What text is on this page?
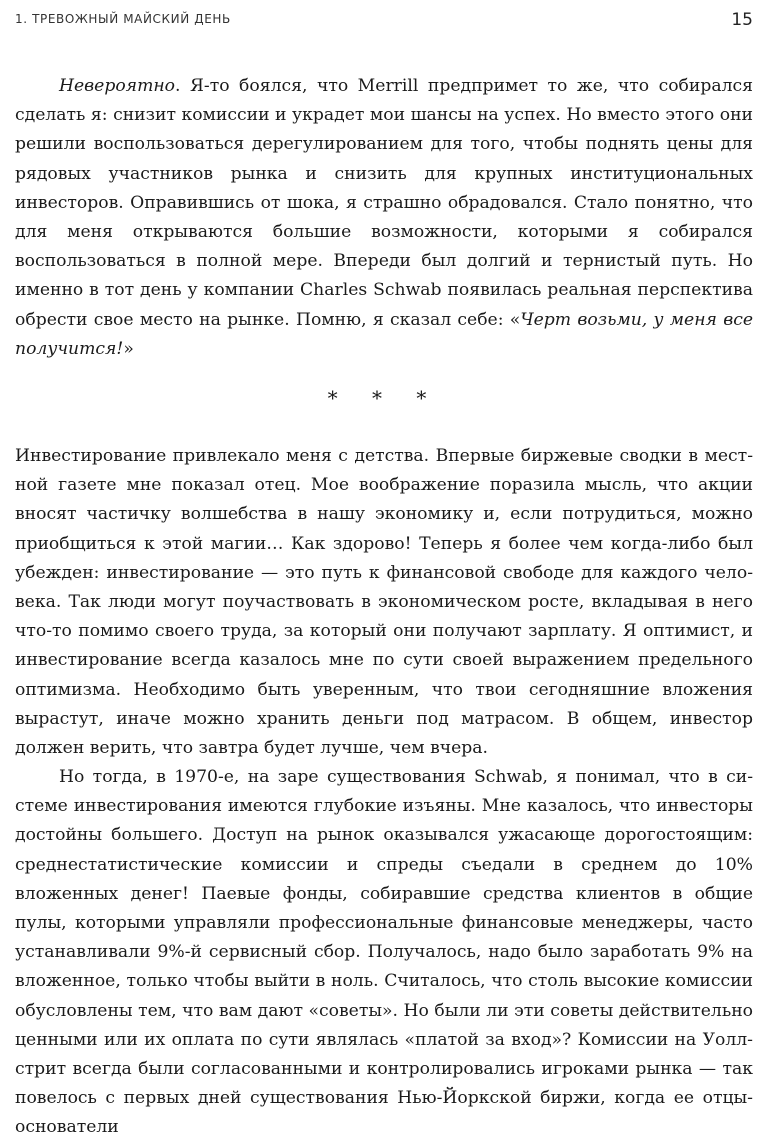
1. ТРЕВОЖНЫЙ МАЙСКИЙ ДЕНЬ	15

Невероятно. Я-то боялся, что Merrill предпримет то же, что собирался сделать я: снизит комиссии и украдет мои шансы на успех. Но вместо этого они решили воспользоваться дерегулированием для того, чтобы поднять цены для рядовых участников рынка и снизить для крупных институциональных инвесторов. Оправившись от шока, я страшно обрадовался. Стало понятно, что для меня открываются большие возможности, которыми я собирался воспользоваться в полной мере. Впереди был долгий и тернистый путь. Но именно в тот день у компании Charles Schwab появилась реальная перспектива обрести свое место на рынке. Помню, я сказал себе: «Черт возьми, у меня все получится!»

* * *

Инвестирование привлекало меня с детства. Впервые биржевые сводки в местной газете мне показал отец. Мое воображение поразила мысль, что акции вносят частичку волшебства в нашу экономику и, если потрудиться, можно приобщиться к этой магии… Как здорово! Теперь я более чем когда-либо был убежден: инвестирование — это путь к финансовой свободе для каждого человека. Так люди могут поучаствовать в экономическом росте, вкладывая в него что-то помимо своего труда, за который они получают зарплату. Я оптимист, и инвестирование всегда казалось мне по сути своей выражением предельного оптимизма. Необходимо быть уверенным, что твои сегодняшние вложения вырастут, иначе можно хранить деньги под матрасом. В общем, инвестор должен верить, что завтра будет лучше, чем вчера.

Но тогда, в 1970-е, на заре существования Schwab, я понимал, что в системе инвестирования имеются глубокие изъяны. Мне казалось, что инвесторы достойны большего. Доступ на рынок оказывался ужасающе дорогостоящим: среднестатистические комиссии и спреды съедали в среднем до 10% вложенных денег! Паевые фонды, собиравшие средства клиентов в общие пулы, которыми управляли профессиональные финансовые менеджеры, часто устанавливали 9%-й сервисный сбор. Получалось, надо было заработать 9% на вложенное, только чтобы выйти в ноль. Считалось, что столь высокие комиссии обусловлены тем, что вам дают «советы». Но были ли эти советы действительно ценными или их оплата по сути являлась «платой за вход»? Комиссии на Уолл-стрит всегда были согласованными и контролировались игроками рынка — так повелось с первых дней существования Нью-Йоркской биржи, когда ее отцы-основатели
